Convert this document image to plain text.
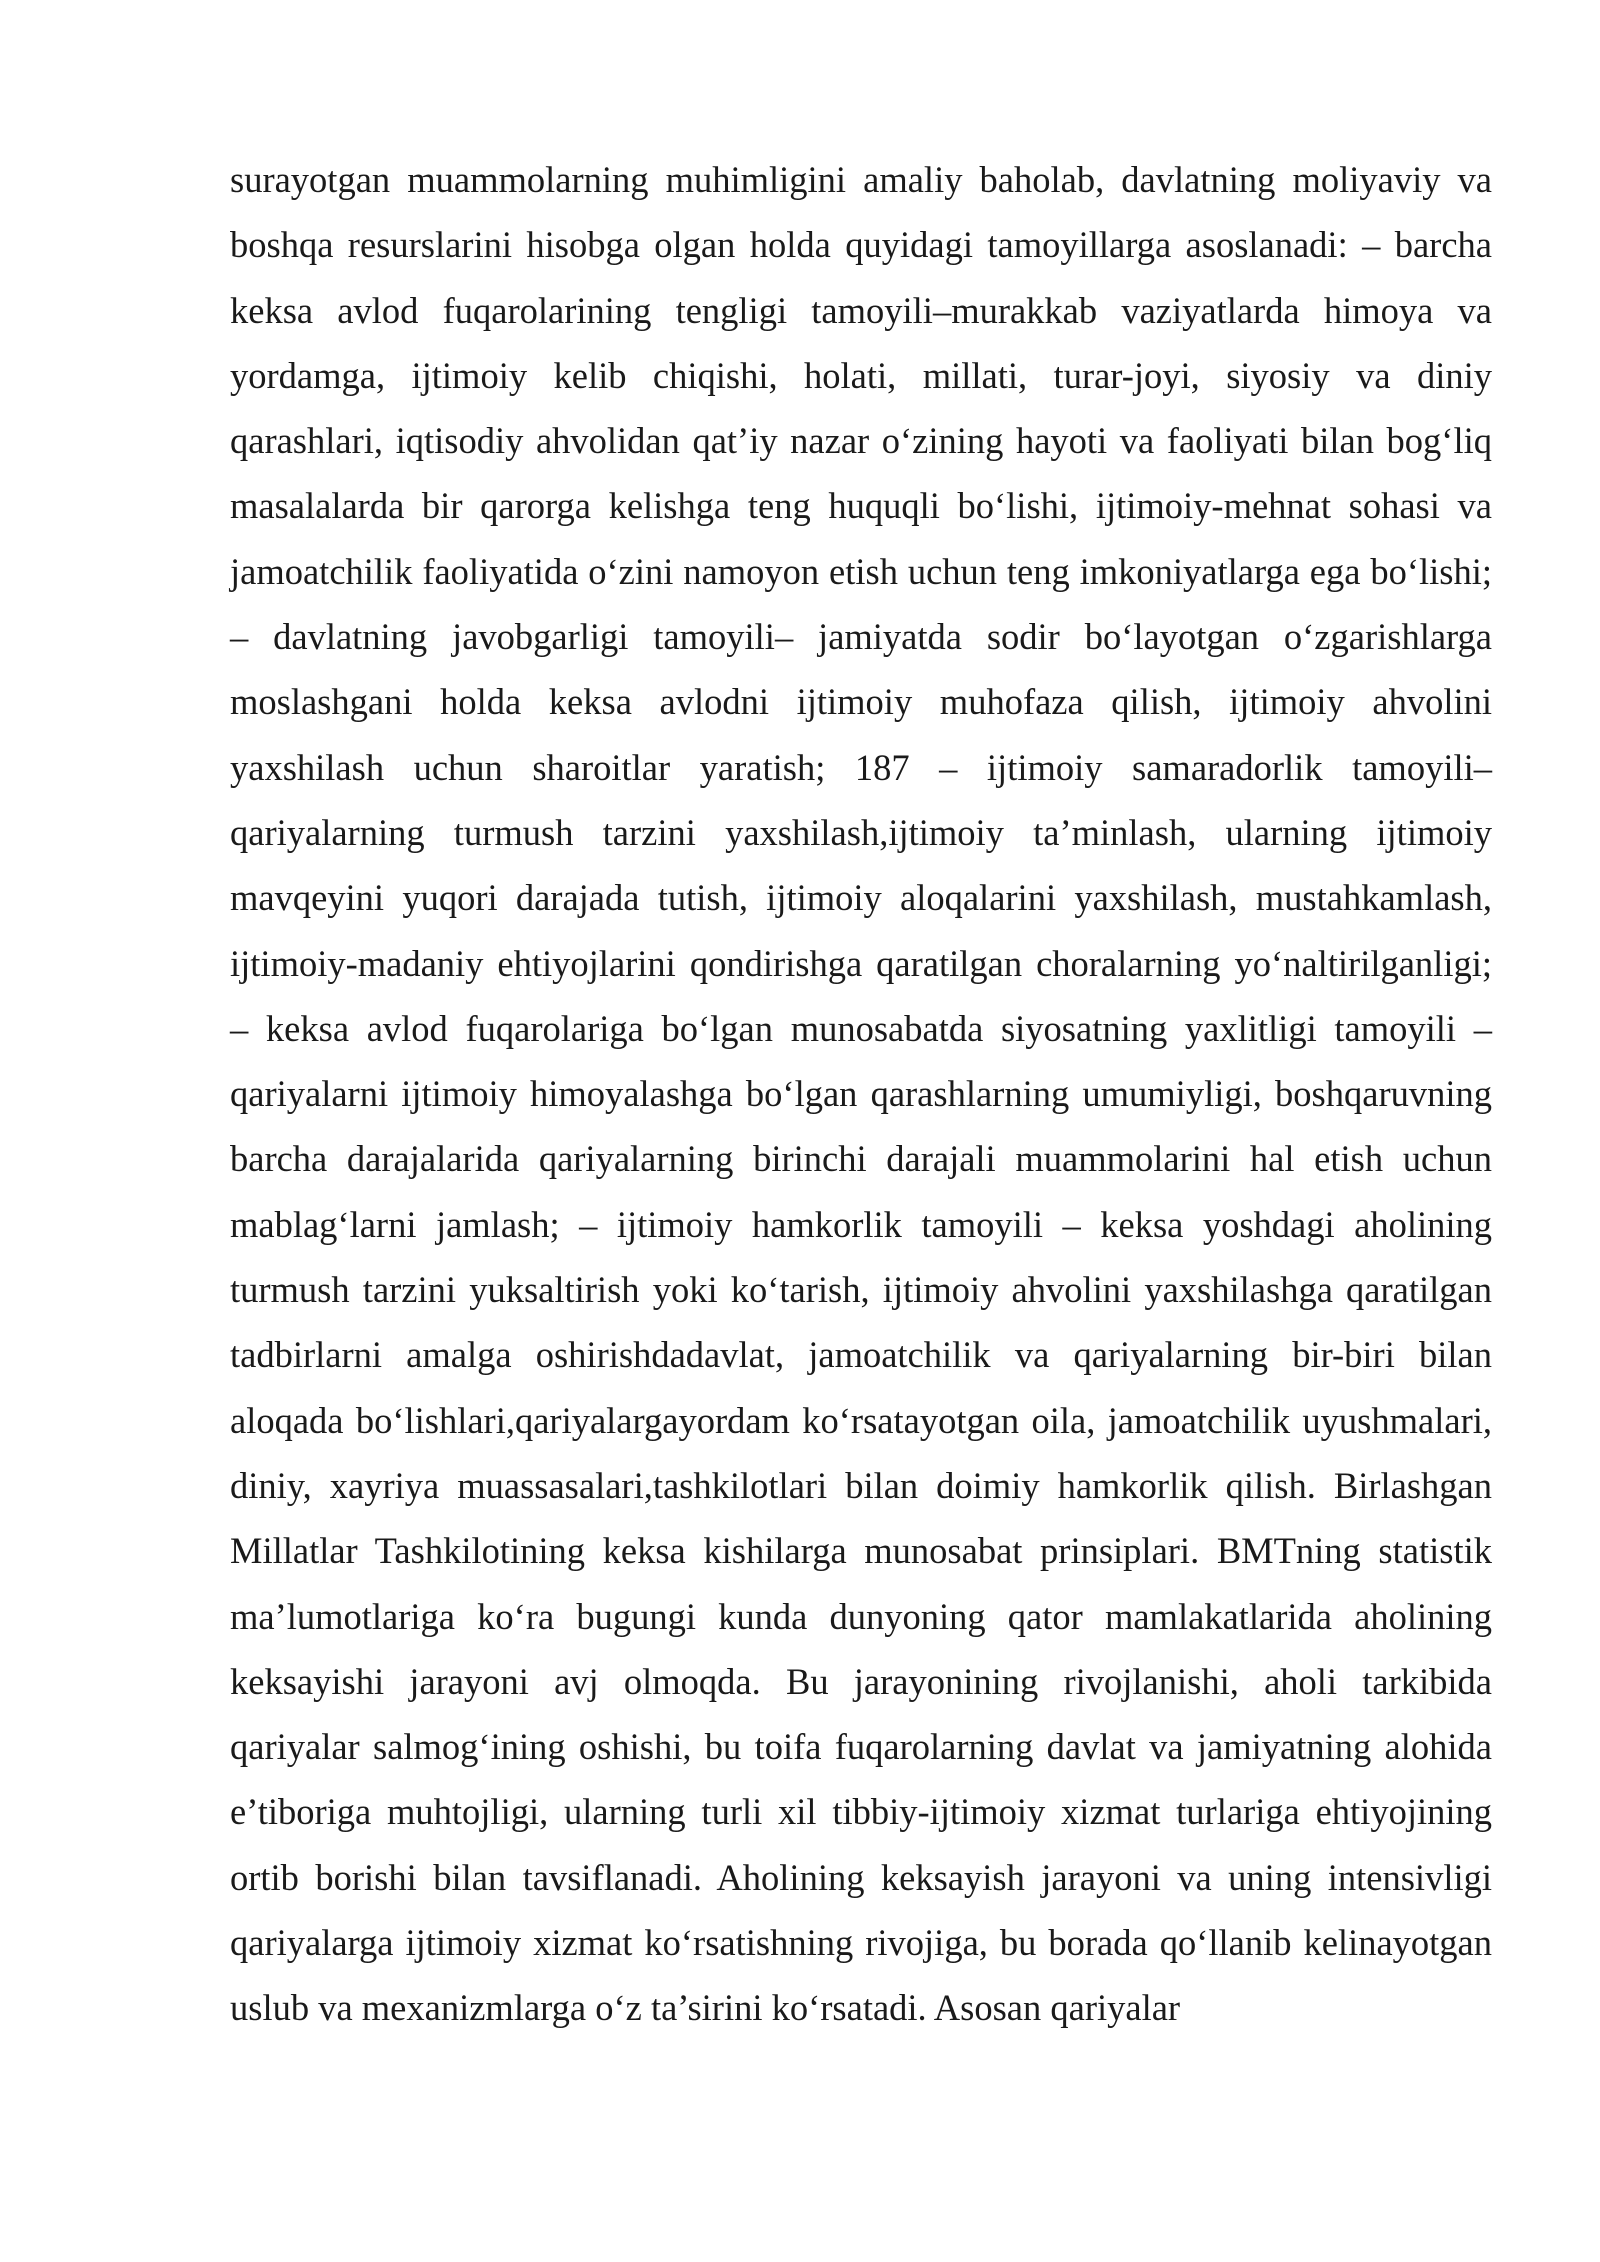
surayotgan muammolarning muhimligini amaliy baholab, davlatning moliyaviy va boshqa resurslarini hisobga olgan holda quyidagi tamoyillarga asoslanadi: – barcha keksa avlod fuqarolarining tengligi tamoyili–murakkab vaziyatlarda himoya va yordamga, ijtimoiy kelib chiqishi, holati, millati, turar-joyi, siyosiy va diniy qarashlari, iqtisodiy ahvolidan qat’iy nazar o‘zining hayoti va faoliyati bilan bog‘liq masalalarda bir qarorga kelishga teng huquqli bo‘lishi, ijtimoiy-mehnat sohasi va jamoatchilik faoliyatida o‘zini namoyon etish uchun teng imkoniyatlarga ega bo‘lishi; – davlatning javobgarligi tamoyili– jamiyatda sodir bo‘layotgan o‘zgarishlarga moslashgani holda keksa avlodni ijtimoiy muhofaza qilish, ijtimoiy ahvolini yaxshilash uchun sharoitlar yaratish; 187 – ijtimoiy samaradorlik tamoyili–qariyalarning turmush tarzini yaxshilash,ijtimoiy ta’minlash, ularning ijtimoiy mavqeyini yuqori darajada tutish, ijtimoiy aloqalarini yaxshilash, mustahkamlash, ijtimoiy-madaniy ehtiyojlarini qondirishga qaratilgan choralarning yo‘naltirilganligi; – keksa avlod fuqarolariga bo‘lgan munosabatda siyosatning yaxlitligi tamoyili – qariyalarni ijtimoiy himoyalashga bo‘lgan qarashlarning umumiyligi, boshqaruvning barcha darajalarida qariyalarning birinchi darajali muammolarini hal etish uchun mablag‘larni jamlash; – ijtimoiy hamkorlik tamoyili – keksa yoshdagi aholining turmush tarzini yuksaltirish yoki ko‘tarish, ijtimoiy ahvolini yaxshilashga qaratilgan tadbirlarni amalga oshirishdadavlat, jamoatchilik va qariyalarning bir-biri bilan aloqada bo‘lishlari,qariyalargayordam ko‘rsatayotgan oila, jamoatchilik uyushmalari, diniy, xayriya muassasalari,tashkilotlari bilan doimiy hamkorlik qilish. Birlashgan Millatlar Tashkilotining keksa kishilarga munosabat prinsiplari. BMTning statistik ma’lumotlariga ko‘ra bugungi kunda dunyoning qator mamlakatlarida aholining keksayishi jarayoni avj olmoqda. Bu jarayonining rivojlanishi, aholi tarkibida qariyalar salmog‘ining oshishi, bu toifa fuqarolarning davlat va jamiyatning alohida e’tiboriga muhtojligi, ularning turli xil tibbiy-ijtimoiy xizmat turlariga ehtiyojining ortib borishi bilan tavsiflanadi. Aholining keksayish jarayoni va uning intensivligi qariyalarga ijtimoiy xizmat ko‘rsatishning rivojiga, bu borada qo‘llanib kelinayotgan uslub va mexanizmlarga o‘z ta’sirini ko‘rsatadi. Asosan qariyalar
